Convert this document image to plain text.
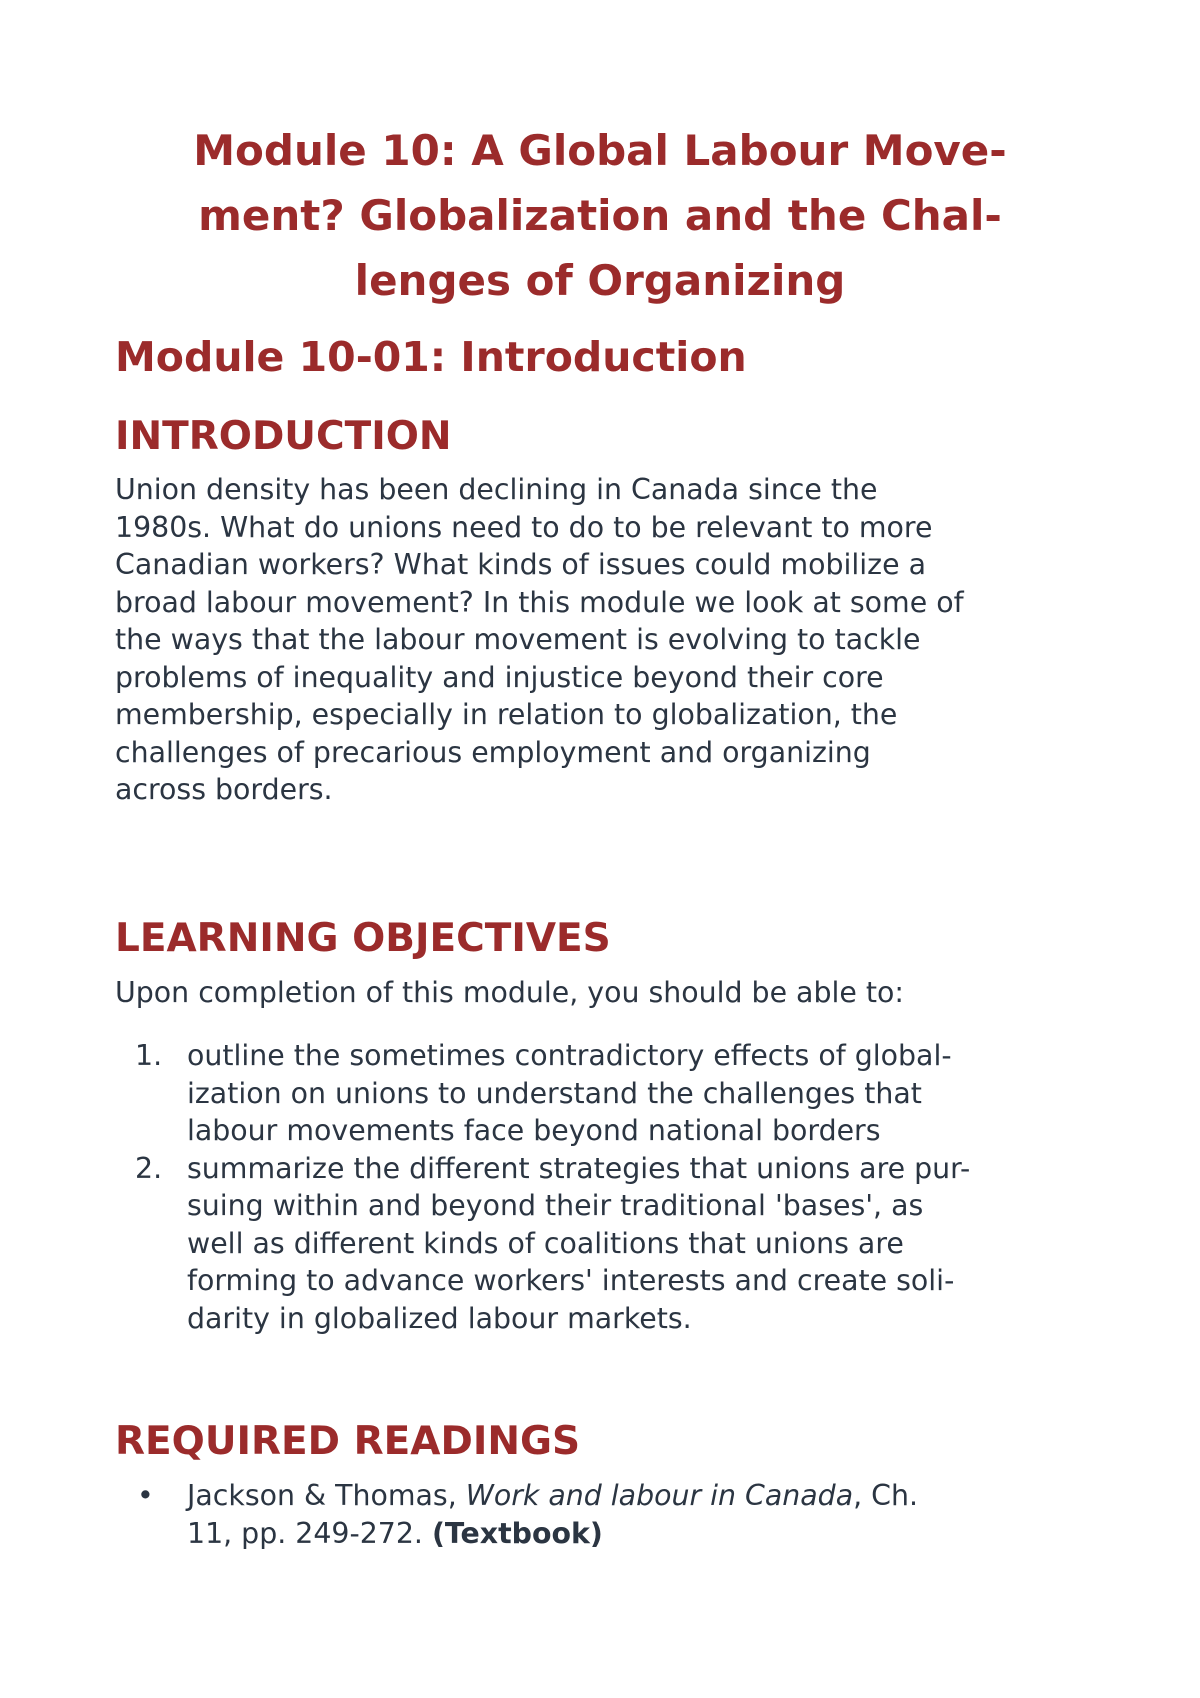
Module 10: A Global Labour Move-
ment? Globalization and the Chal-
lenges of Organizing
Module 10-01: Introduction
INTRODUCTION

Union density has been declining in Canada since the
1980s. What do unions need to do to be relevant to more
Canadian workers? What kinds of issues could mobilize a
broad labour movement? In this module we look at some of
the ways that the labour movement is evolving to tackle
problems of inequality and injustice beyond their core
membership, especially in relation to globalization, the
challenges of precarious employment and organizing
across borders.

LEARNING OBJECTIVES

Upon completion of this module, you should be able to:

1. outline the sometimes contradictory effects of global-
ization on unions to understand the challenges that
labour movements face beyond national borders
2. summarize the different strategies that unions are pur-
suing within and beyond their traditional 'bases', as
well as different kinds of coalitions that unions are
forming to advance workers' interests and create soli-
darity in globalized labour markets.
REQUIRED READINGS
• Jackson & Thomas, Work and labour in Canada, Ch.
11, pp. 249-272. (Textbook)
